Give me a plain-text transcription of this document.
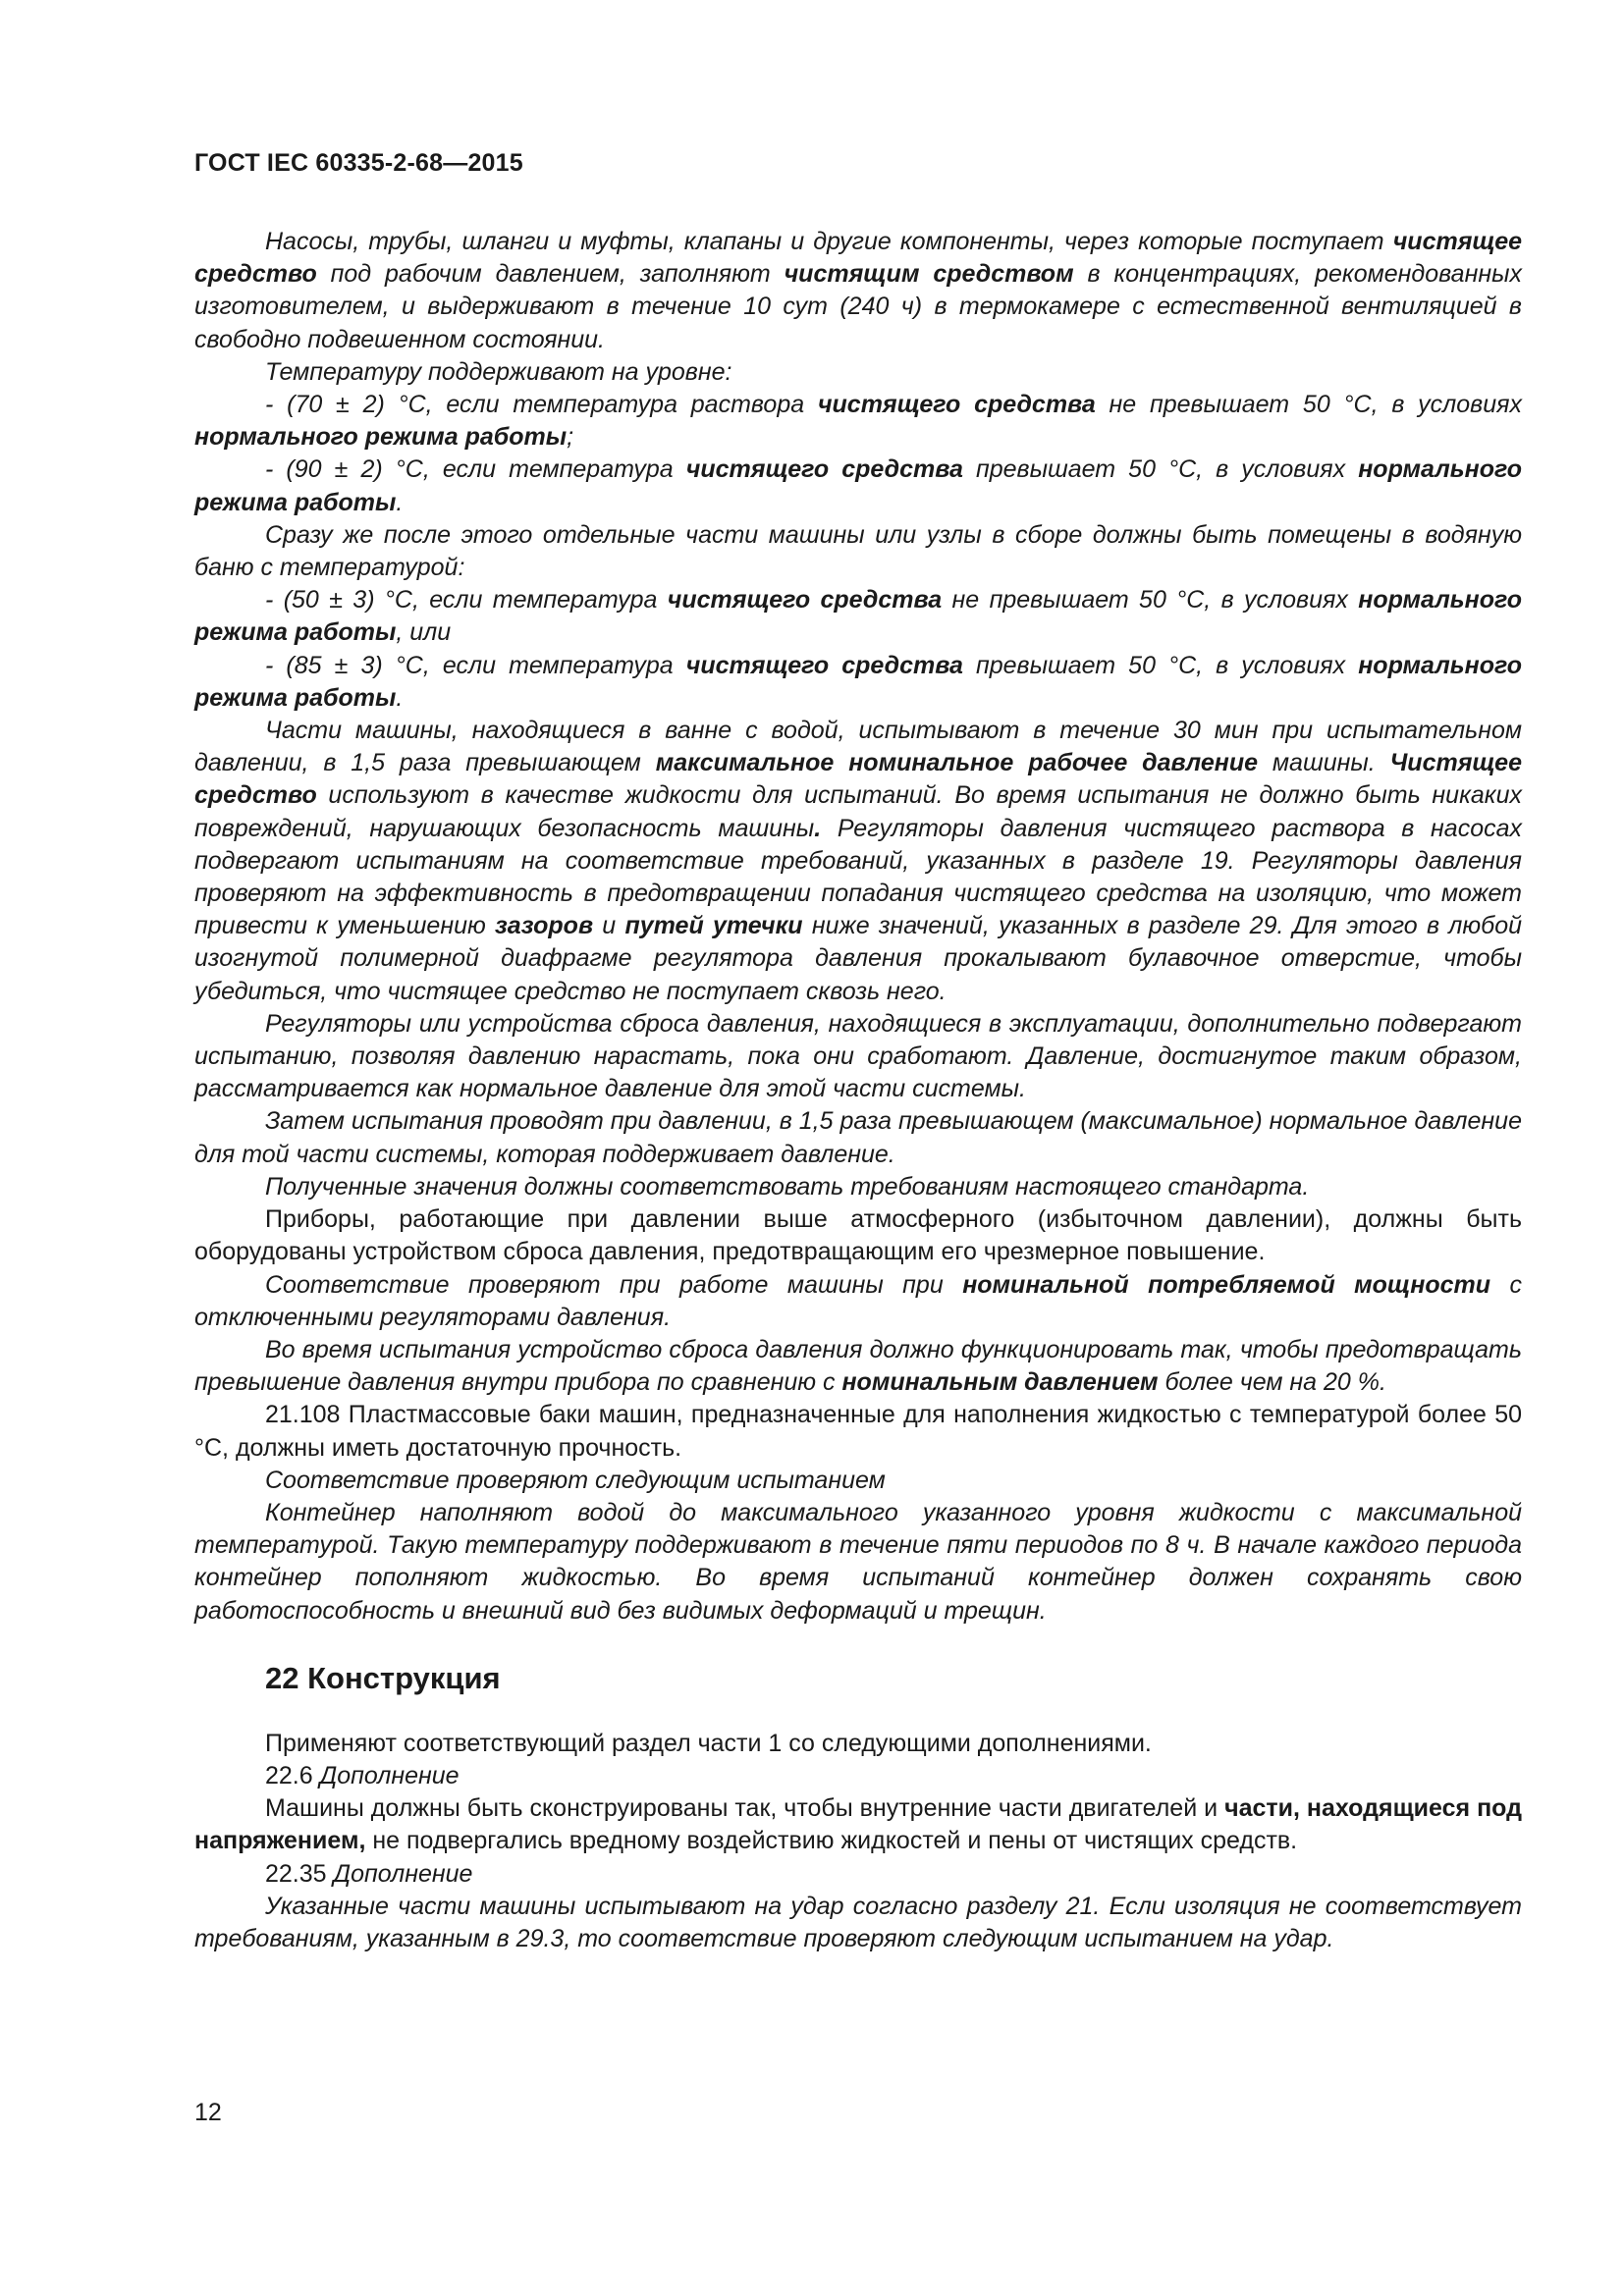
ГОСТ IEC 60335-2-68—2015

Насосы, трубы, шланги и муфты, клапаны и другие компоненты, через которые поступает чистящее средство под рабочим давлением, заполняют чистящим средством в концентрациях, рекомендованных изготовителем, и выдерживают в течение 10 сут (240 ч) в термокамере с естественной вентиляцией в свободно подвешенном состоянии.

Температуру поддерживают на уровне:

- (70 ± 2) °С, если температура раствора чистящего средства не превышает 50 °С, в условиях нормального режима работы;

- (90 ± 2) °С, если температура чистящего средства превышает 50 °С, в условиях нормального режима работы.

Сразу же после этого отдельные части машины или узлы в сборе должны быть помещены в водяную баню с температурой:

- (50 ± 3) °С, если температура чистящего средства не превышает 50 °С, в условиях нормального режима работы, или

- (85 ± 3) °С, если температура чистящего средства превышает 50 °С, в условиях нормального режима работы.

Части машины, находящиеся в ванне с водой, испытывают в течение 30 мин при испытательном давлении, в 1,5 раза превышающем максимальное номинальное рабочее давление машины. Чистящее средство используют в качестве жидкости для испытаний. Во время испытания не должно быть никаких повреждений, нарушающих безопасность машины. Регуляторы давления чистящего раствора в насосах подвергают испытаниям на соответствие требований, указанных в разделе 19. Регуляторы давления проверяют на эффективность в предотвращении попадания чистящего средства на изоляцию, что может привести к уменьшению зазоров и путей утечки ниже значений, указанных в разделе 29. Для этого в любой изогнутой полимерной диафрагме регулятора давления прокалывают булавочное отверстие, чтобы убедиться, что чистящее средство не поступает сквозь него.

Регуляторы или устройства сброса давления, находящиеся в эксплуатации, дополнительно подвергают испытанию, позволяя давлению нарастать, пока они сработают. Давление, достигнутое таким образом, рассматривается как нормальное давление для этой части системы.

Затем испытания проводят при давлении, в 1,5 раза превышающем (максимальное) нормальное давление для той части системы, которая поддерживает давление.

Полученные значения должны соответствовать требованиям настоящего стандарта.

Приборы, работающие при давлении выше атмосферного (избыточном давлении), должны быть оборудованы устройством сброса давления, предотвращающим его чрезмерное повышение.

Соответствие проверяют при работе машины при номинальной потребляемой мощности с отключенными регуляторами давления.

Во время испытания устройство сброса давления должно функционировать так, чтобы предотвращать превышение давления внутри прибора по сравнению с номинальным давлением более чем на 20 %.

21.108 Пластмассовые баки машин, предназначенные для наполнения жидкостью с температурой более 50 °С, должны иметь достаточную прочность.

Соответствие проверяют следующим испытанием

Контейнер наполняют водой до максимального указанного уровня жидкости с максимальной температурой. Такую температуру поддерживают в течение пяти периодов по 8 ч. В начале каждого периода контейнер пополняют жидкостью. Во время испытаний контейнер должен сохранять свою работоспособность и внешний вид без видимых деформаций и трещин.

22 Конструкция

Применяют соответствующий раздел части 1 со следующими дополнениями.

22.6 Дополнение

Машины должны быть сконструированы так, чтобы внутренние части двигателей и части, находящиеся под напряжением, не подвергались вредному воздействию жидкостей и пены от чистящих средств.

22.35 Дополнение

Указанные части машины испытывают на удар согласно разделу 21. Если изоляция не соответствует требованиям, указанным в 29.3, то соответствие проверяют следующим испытанием на удар.

12
